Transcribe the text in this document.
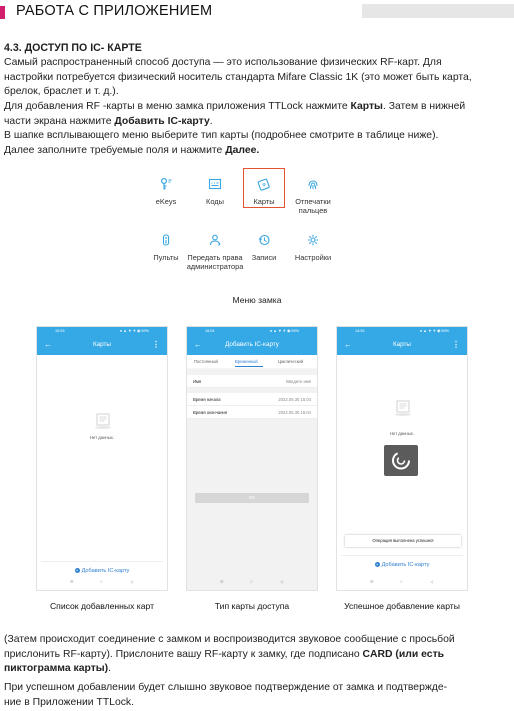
РАБОТА С ПРИЛОЖЕНИЕМ
4.3. ДОСТУП ПО IC- КАРТЕ

Самый распространенный способ доступа — это использование физических RF-карт. Для
настройки потребуется физический носитель стандарта Mifare Classic 1K (это может быть карта,
брелок, браслет и т. д.).

Для добавления RF -карты в меню замка приложения TTLock нажмите Карты. Затем в нижней
части экрана нажмите Добавить IC-карту.
В шапке всплывающего меню выберите тип карты (подробнее смотрите в таблице ниже).
Далее заполните требуемые поля и нажмите Далее.

eKeys	Коды	Карты	Отпечатки пальцев
Пульты	Передать права администратора
Записи	Настройки
Меню замка
15:03	● ▲ ▼ ✈ ◉ 59%
←	Карты	⋮
Нет данных.
+ Добавить IC-карту
☰	□	◁
Список добавленных карт
15:04	● ▲ ▼ ✈ ◉ 59%
←	Добавить IC-карту
Постоянный	Временный	Циклический
Имя	Введите имя
Время начала	2022.05.30 15:04
Время окончания	2022.05.30 15:04
OK
☰	□	◁
Тип карты доступа
14:33	● ▲ ▼ ✈ ◉ 59%
←	Карты	⋮
Нет данных.
Операция выполнена успешно!
+ Добавить IC-карту
☰	□	◁
Успешное добавление карты

(Затем происходит соединение с замком и воспроизводится звуковое сообщение с просьбой
прислонить RF-карту). Прислоните вашу RF-карту к замку, где подписано CARD (или есть
пиктограмма карты).

При успешном добавлении будет слышно звуковое подтверждение от замка и подтвержде-
ние в Приложении TTLock.
